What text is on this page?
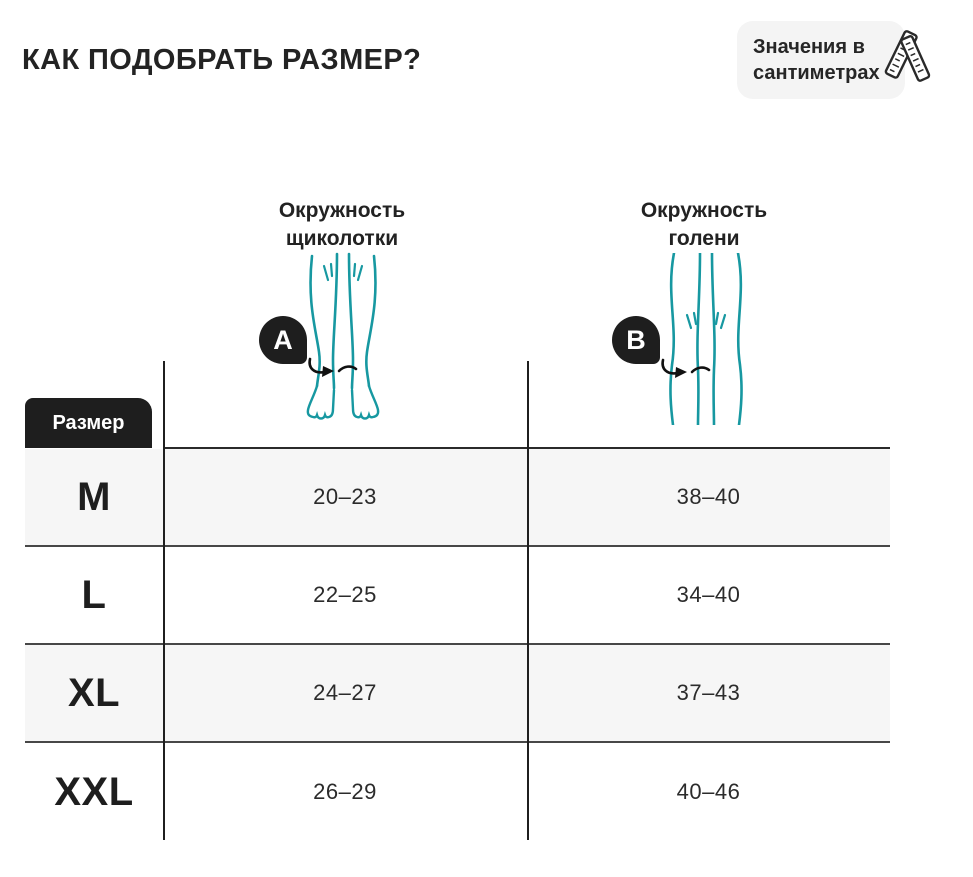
КАК ПОДОБРАТЬ РАЗМЕР?	Значения в
сантиметрах
Окружность
щиколотки
Окружность
голени
A	B
Размер
M	20–23	38–40
L	22–25	34–40
XL	24–27	37–43
XXL	26–29	40–46
